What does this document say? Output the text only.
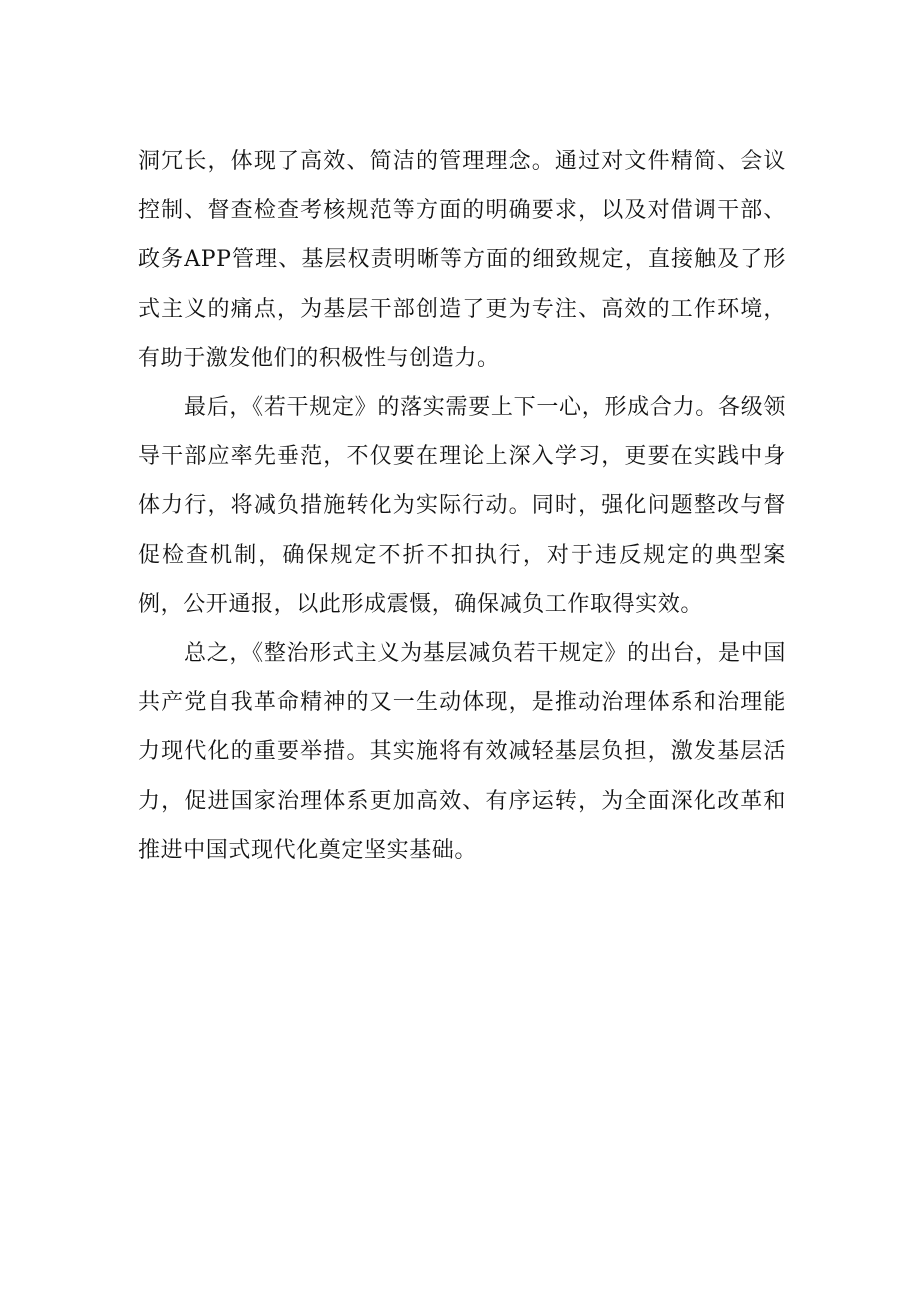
洞冗长，体现了高效、简洁的管理理念。通过对文件精简、会议控制、督查检查考核规范等方面的明确要求，以及对借调干部、政务APP管理、基层权责明晰等方面的细致规定，直接触及了形式主义的痛点，为基层干部创造了更为专注、高效的工作环境，有助于激发他们的积极性与创造力。

最后，《若干规定》的落实需要上下一心，形成合力。各级领导干部应率先垂范，不仅要在理论上深入学习，更要在实践中身体力行，将减负措施转化为实际行动。同时，强化问题整改与督促检查机制，确保规定不折不扣执行，对于违反规定的典型案例，公开通报，以此形成震慑，确保减负工作取得实效。

总之，《整治形式主义为基层减负若干规定》的出台，是中国共产党自我革命精神的又一生动体现，是推动治理体系和治理能力现代化的重要举措。其实施将有效减轻基层负担，激发基层活力，促进国家治理体系更加高效、有序运转，为全面深化改革和推进中国式现代化奠定坚实基础。
